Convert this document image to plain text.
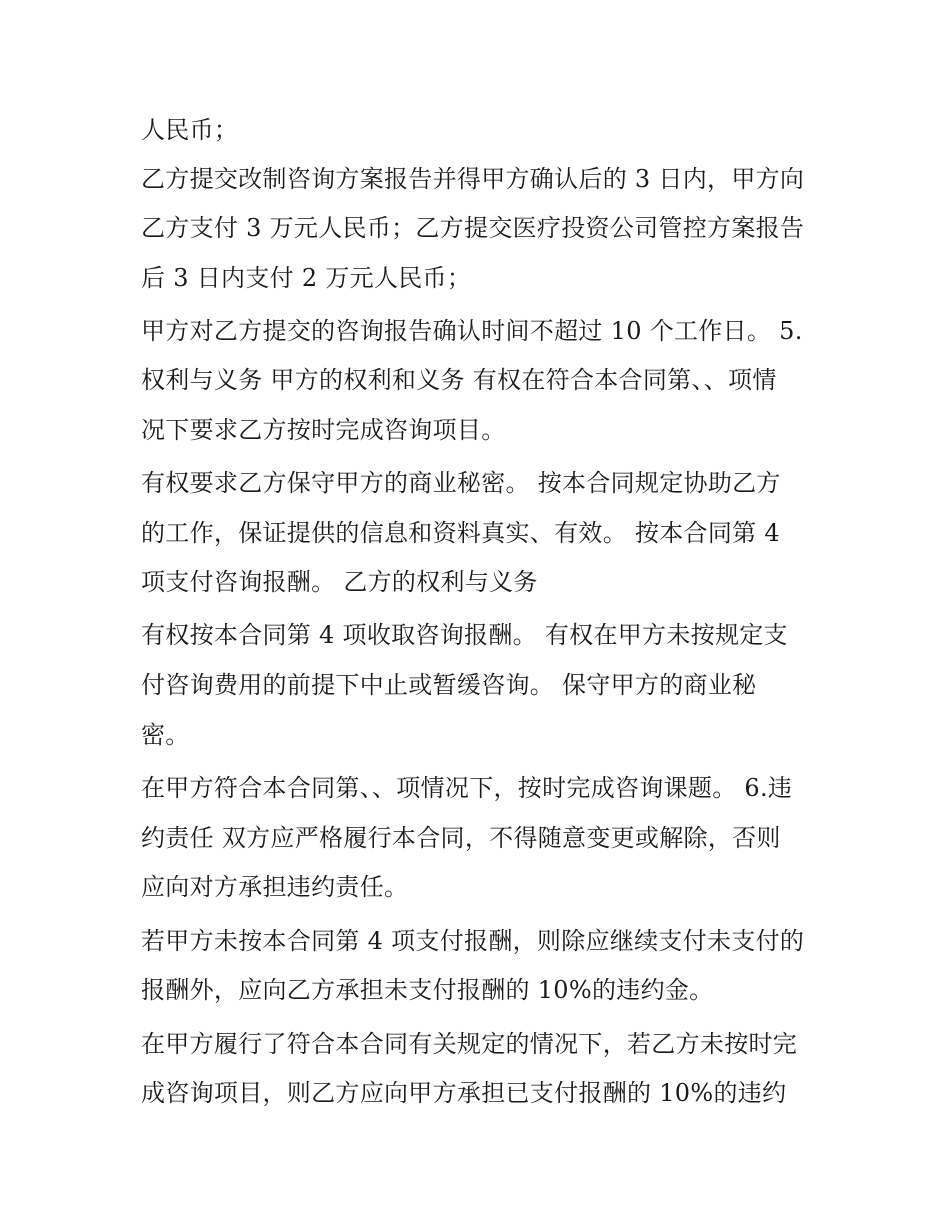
人民币；
乙方提交改制咨询方案报告并得甲方确认后的 3 日内，甲方向
乙方支付 3 万元人民币；乙方提交医疗投资公司管控方案报告
后 3 日内支付 2 万元人民币；
甲方对乙方提交的咨询报告确认时间不超过 10 个工作日。 5.
权利与义务 甲方的权利和义务 有权在符合本合同第、、项情
况下要求乙方按时完成咨询项目。
有权要求乙方保守甲方的商业秘密。 按本合同规定协助乙方
的工作，保证提供的信息和资料真实、有效。 按本合同第 4
项支付咨询报酬。 乙方的权利与义务
有权按本合同第 4 项收取咨询报酬。 有权在甲方未按规定支
付咨询费用的前提下中止或暂缓咨询。 保守甲方的商业秘
密。
在甲方符合本合同第、、项情况下，按时完成咨询课题。 6.违
约责任 双方应严格履行本合同，不得随意变更或解除，否则
应向对方承担违约责任。
若甲方未按本合同第 4 项支付报酬，则除应继续支付未支付的
报酬外，应向乙方承担未支付报酬的 10%的违约金。
在甲方履行了符合本合同有关规定的情况下，若乙方未按时完
成咨询项目，则乙方应向甲方承担已支付报酬的 10%的违约
